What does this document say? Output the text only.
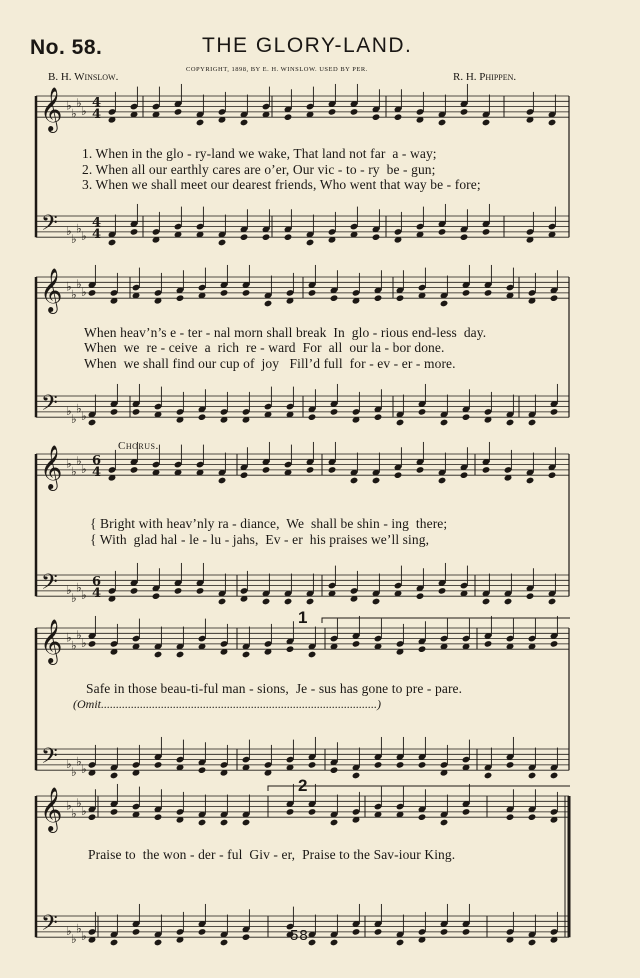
No. 58.	THE GLORY-LAND.
COPYRIGHT, 1898, BY E. H. WINSLOW. USED BY PER.
B. H. Winslow.	R. H. Phippen.
𝄞
𝄢
♭
♭
♭
♭
♭
♭
♭
♭
4
4
4
4
𝄞
𝄢
♭
♭
♭
♭
♭
♭
♭
♭
𝄞
𝄢
♭
♭
♭
♭
♭
♭
♭
♭
6
4
6
4
𝄞
𝄢
♭
♭
♭
♭
♭
♭
♭
♭
𝄞
𝄢
♭
♭
♭
♭
♭
♭
♭
♭
1. When in the glo - ry-land we wake, That land not far  a - way;
2. When all our earthly cares are o’er, Our vic - to - ry  be - gun;
3. When we shall meet our dearest friends, Who went that way be - fore;
When heav’n’s e - ter - nal morn shall break  In  glo - rious end-less  day.
When  we  re - ceive  a  rich  re - ward  For  all  our la - bor done.
When  we shall find our cup of  joy   Fill’d full  for - ev - er - more.
Chorus.
{ Bright with heav’nly ra - diance,  We  shall be shin - ing  there;
{ With  glad hal - le - lu - jahs,  Ev - er  his praises we’ll sing,
1
Safe in those beau-ti-ful man - sions,  Je - sus has gone to pre - pare.
(Omit............................................................................................)
2
Praise to  the won - der - ful  Giv - er,  Praise to the Sav-iour King.
58
